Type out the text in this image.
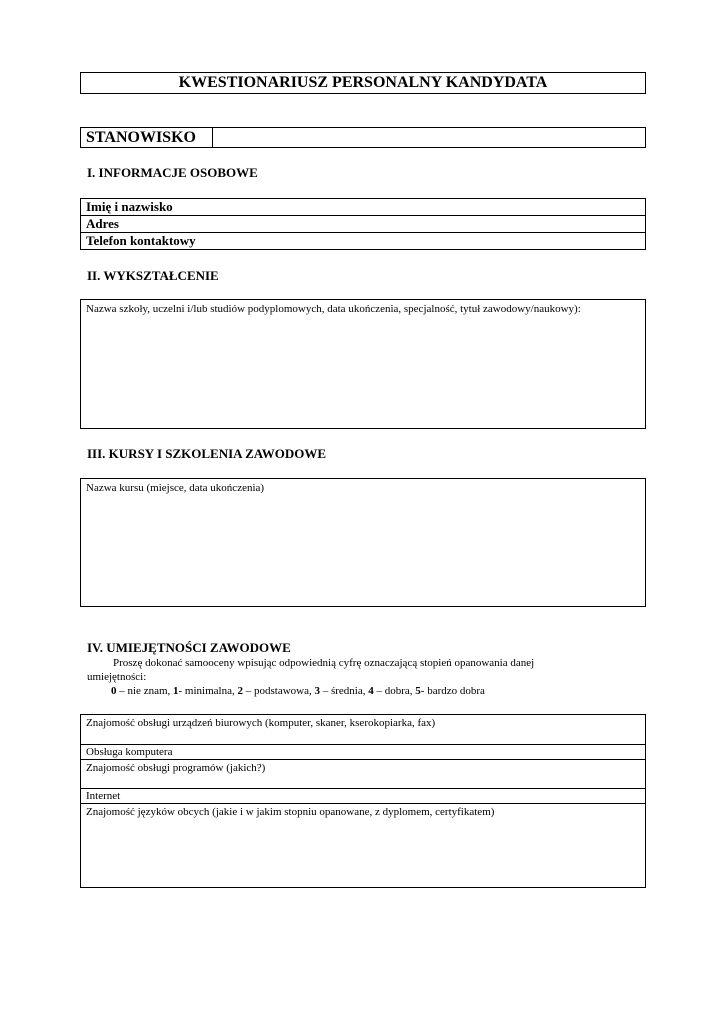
KWESTIONARIUSZ PERSONALNY KANDYDATA
STANOWISKO
I. INFORMACJE OSOBOWE
Imię i nazwisko
Adres
Telefon kontaktowy
II. WYKSZTAŁCENIE
Nazwa szkoły, uczelni i/lub studiów podyplomowych, data ukończenia, specjalność, tytuł zawodowy/naukowy):
III. KURSY I SZKOLENIA ZAWODOWE
Nazwa kursu (miejsce, data ukończenia)
IV. UMIEJĘTNOŚCI ZAWODOWE
Proszę dokonać samooceny wpisując odpowiednią cyfrę oznaczającą stopień opanowania danej
umiejętności:
0 – nie znam, 1- minimalna, 2 – podstawowa, 3 – średnia, 4 – dobra, 5- bardzo dobra
Znajomość obsługi urządzeń biurowych (komputer, skaner, kserokopiarka, fax)
Obsługa komputera
Znajomość obsługi programów (jakich?)
Internet
Znajomość języków obcych (jakie i w jakim stopniu opanowane, z dyplomem, certyfikatem)
